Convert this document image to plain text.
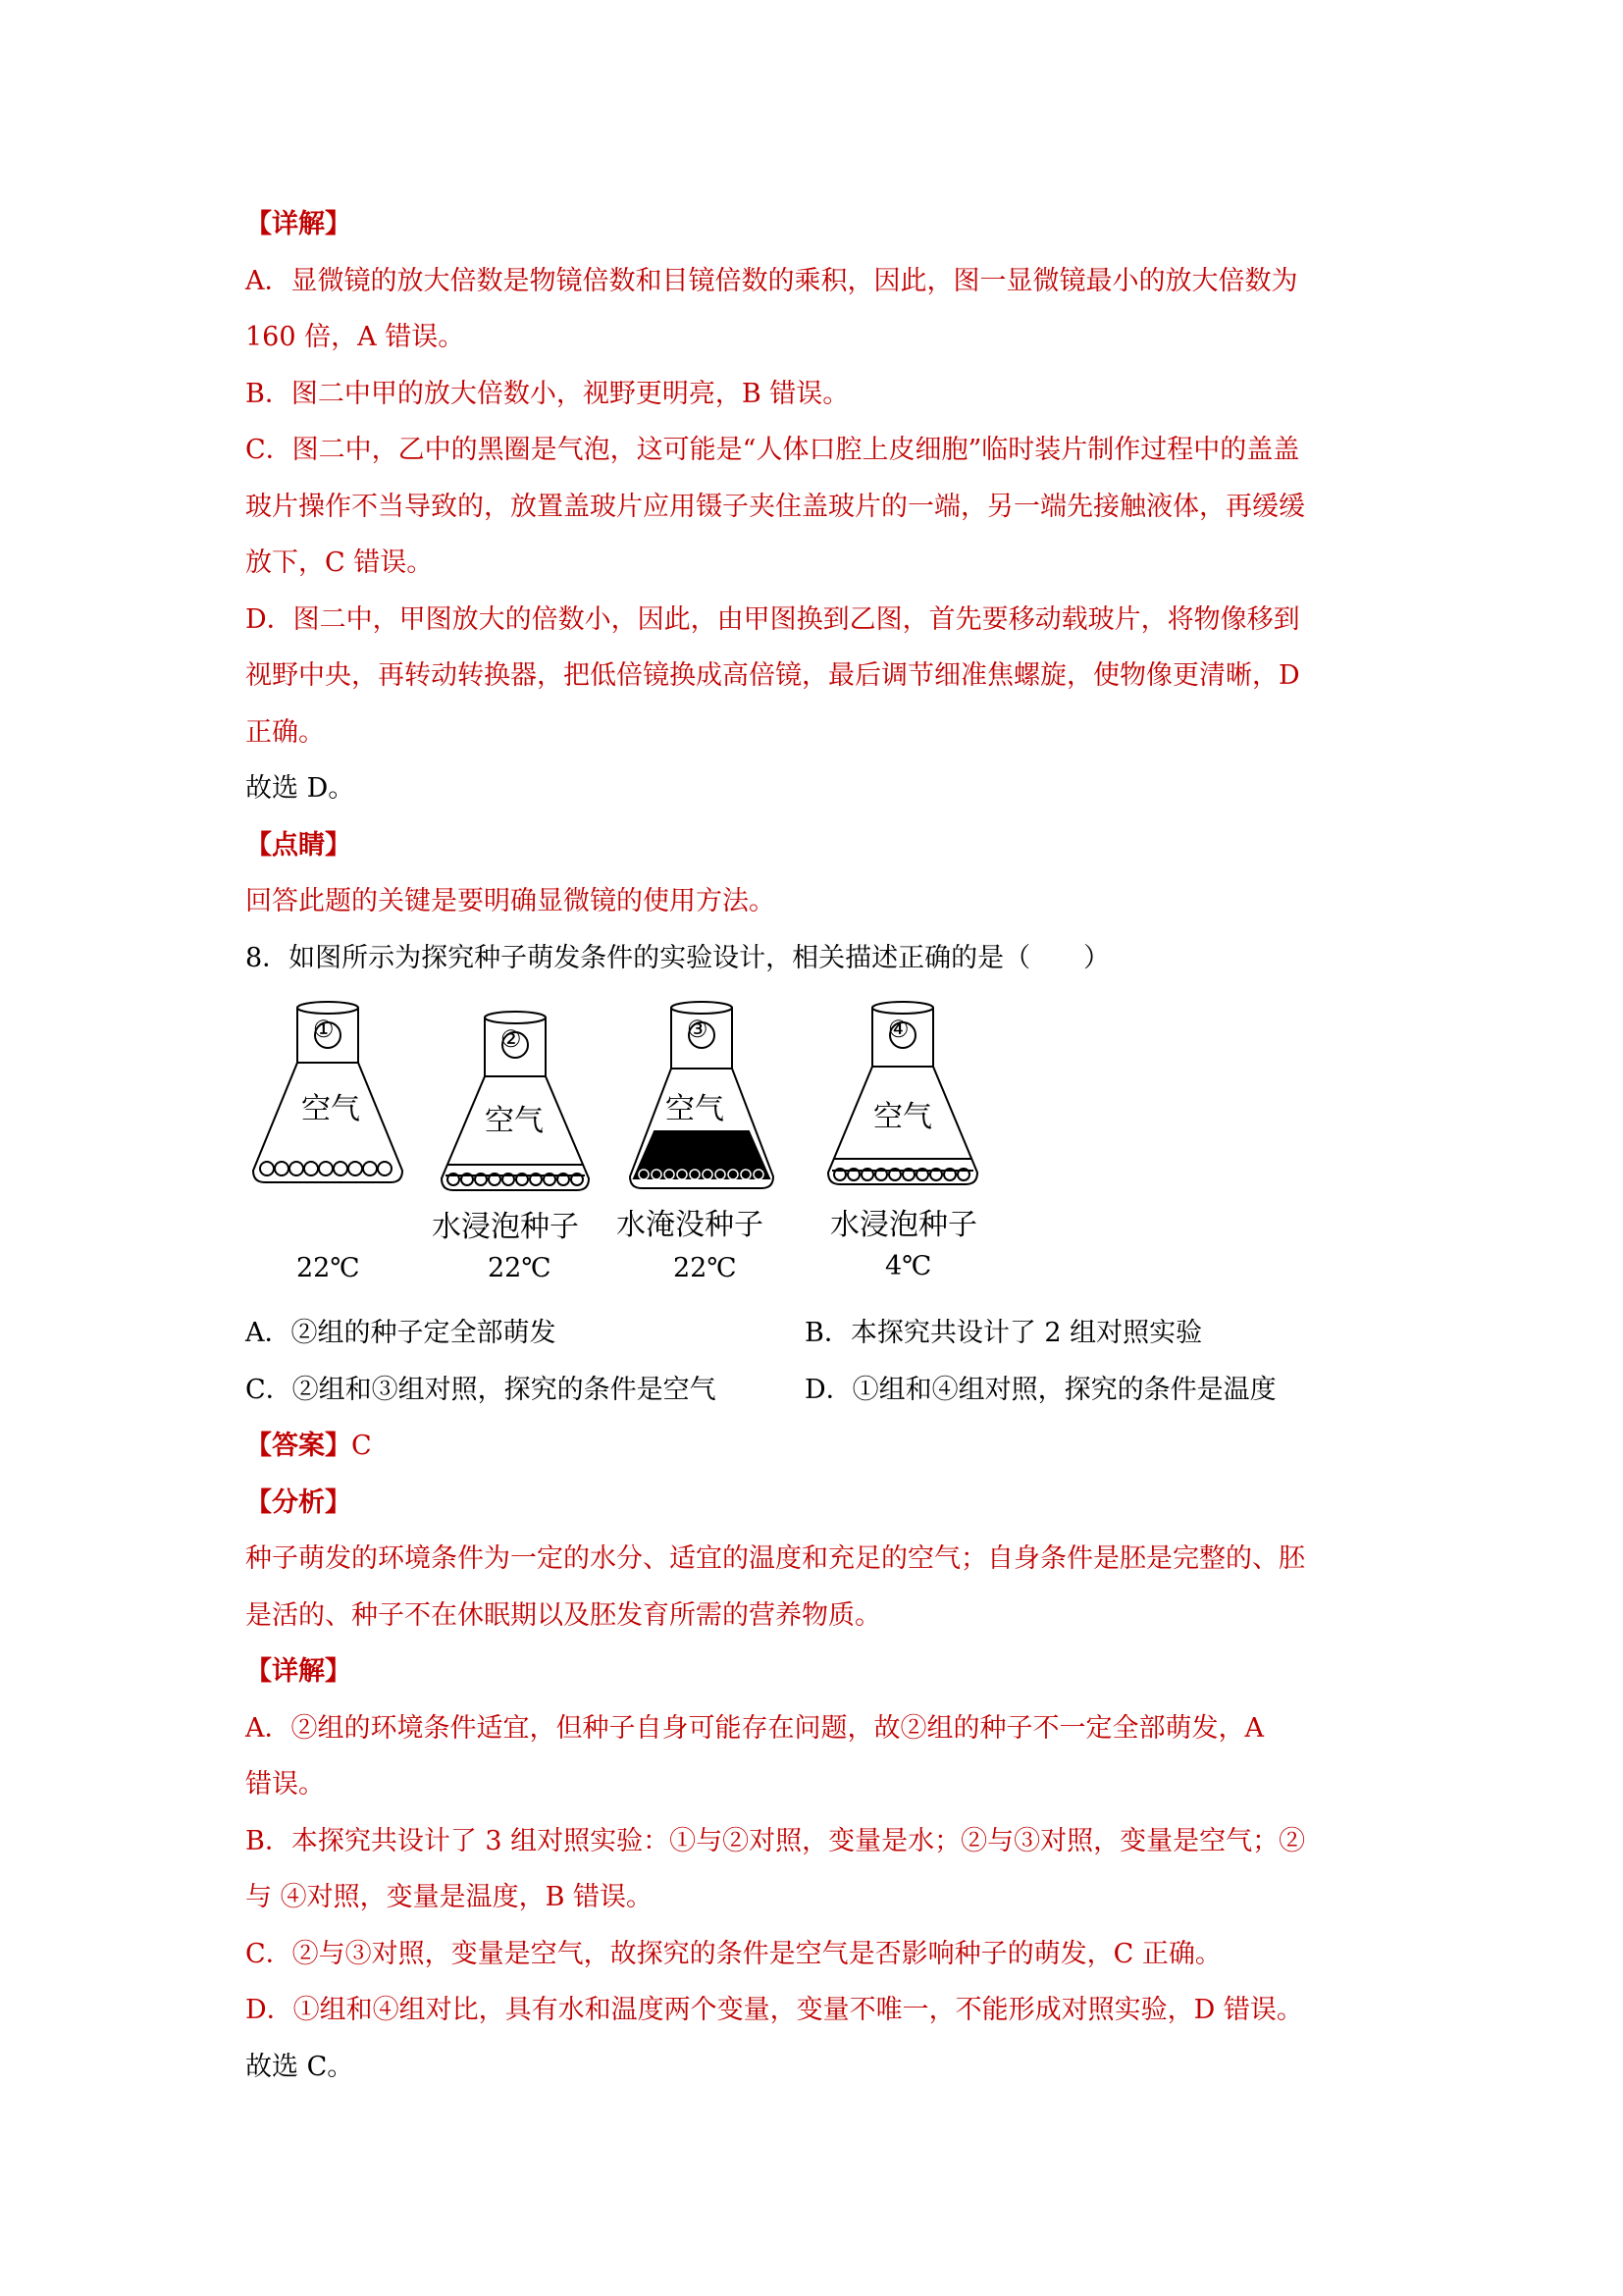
【详解】
A．显微镜的放大倍数是物镜倍数和目镜倍数的乘积，因此，图一显微镜最小的放大倍数为
160 倍，A 错误。
B．图二中甲的放大倍数小，视野更明亮，B 错误。
C．图二中，乙中的黑圈是气泡，这可能是“人体口腔上皮细胞”临时装片制作过程中的盖盖
玻片操作不当导致的，放置盖玻片应用镊子夹住盖玻片的一端，另一端先接触液体，再缓缓
放下，C 错误。
D．图二中，甲图放大的倍数小，因此，由甲图换到乙图，首先要移动载玻片，将物像移到
视野中央，再转动转换器，把低倍镜换成高倍镜，最后调节细准焦螺旋，使物像更清晰，D
正确。
故选 D。
【点睛】
回答此题的关键是要明确显微镜的使用方法。
8．如图所示为探究种子萌发条件的实验设计，相关描述正确的是（　　）
①	②	③	④
空气	空气	空气	空气
水浸泡种子 水淹没种子 水浸泡种子
22℃	22℃	22℃	4℃
A．②组的种子定全部萌发	B．本探究共设计了 2 组对照实验
C．②组和③组对照，探究的条件是空气	D．①组和④组对照，探究的条件是温度
【答案】C
【分析】
种子萌发的环境条件为一定的水分、适宜的温度和充足的空气；自身条件是胚是完整的、胚
是活的、种子不在休眠期以及胚发育所需的营养物质。
【详解】
A．②组的环境条件适宜，但种子自身可能存在问题，故②组的种子不一定全部萌发，A
错误。
B．本探究共设计了 3 组对照实验：①与②对照，变量是水；②与③对照，变量是空气；②
与 ④对照，变量是温度，B 错误。
C．②与③对照，变量是空气，故探究的条件是空气是否影响种子的萌发，C 正确。
D．①组和④组对比，具有水和温度两个变量，变量不唯一，不能形成对照实验，D 错误。
故选 C。
